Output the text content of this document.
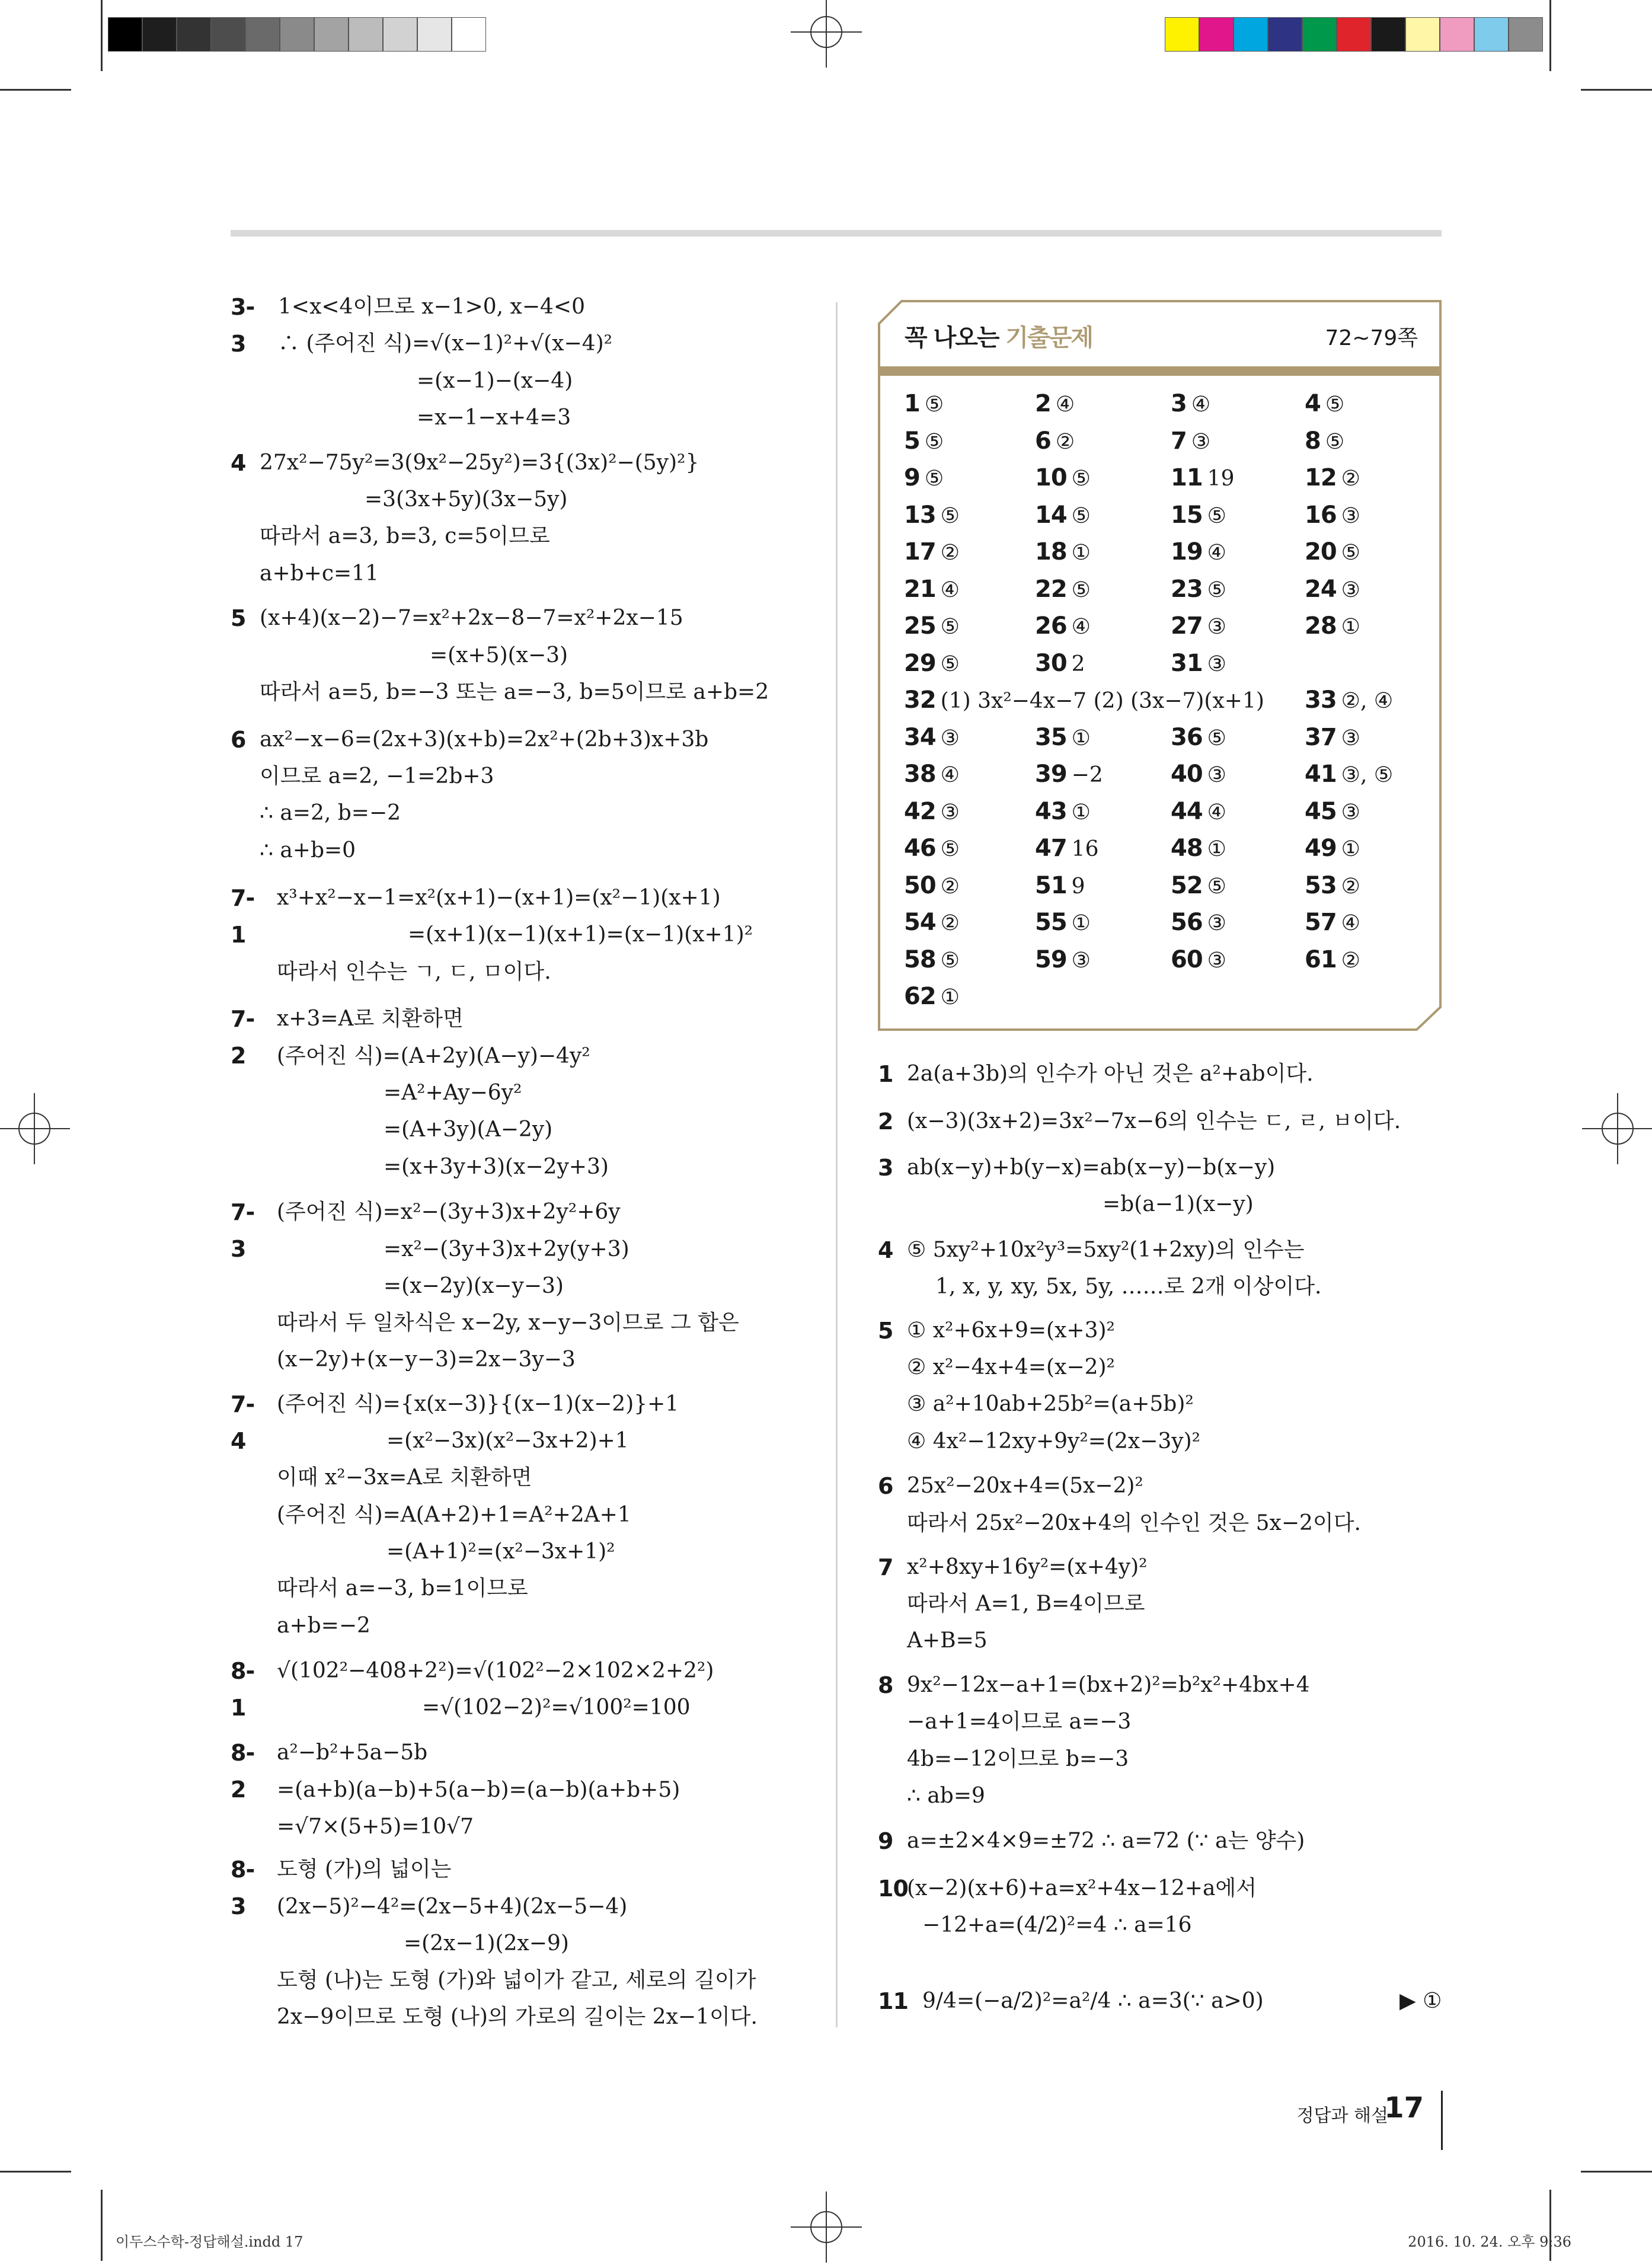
3-3
1<x<4이므로 x−1>0, x−4<0
∴ (주어진 식)=√(x−1)²+√(x−4)²
=(x−1)−(x−4)
=x−1−x+4=3
4 27x²−75y²=3(9x²−25y²)=3{(3x)²−(5y)²}
=3(3x+5y)(3x−5y)
따라서 a=3, b=3, c=5이므로
a+b+c=11
5 (x+4)(x−2)−7=x²+2x−8−7=x²+2x−15
=(x+5)(x−3)
따라서 a=5, b=−3 또는 a=−3, b=5이므로 a+b=2
6 ax²−x−6=(2x+3)(x+b)=2x²+(2b+3)x+3b
이므로 a=2, −1=2b+3
∴ a=2, b=−2
∴ a+b=0
7-1
x³+x²−x−1=x²(x+1)−(x+1)=(x²−1)(x+1)
=(x+1)(x−1)(x+1)=(x−1)(x+1)²
따라서 인수는 ㄱ, ㄷ, ㅁ이다.
7-2
x+3=A로 치환하면
(주어진 식)=(A+2y)(A−y)−4y²
=A²+Ay−6y²
=(A+3y)(A−2y)
=(x+3y+3)(x−2y+3)
7-3
(주어진 식)=x²−(3y+3)x+2y²+6y
=x²−(3y+3)x+2y(y+3)
=(x−2y)(x−y−3)
따라서 두 일차식은 x−2y, x−y−3이므로 그 합은
(x−2y)+(x−y−3)=2x−3y−3
7-4
(주어진 식)={x(x−3)}{(x−1)(x−2)}+1
=(x²−3x)(x²−3x+2)+1
이때 x²−3x=A로 치환하면
(주어진 식)=A(A+2)+1=A²+2A+1
=(A+1)²=(x²−3x+1)²
따라서 a=−3, b=1이므로
a+b=−2
8-1
√(102²−408+2²)=√(102²−2×102×2+2²)
=√(102−2)²=√100²=100
8-2
a²−b²+5a−5b
=(a+b)(a−b)+5(a−b)=(a−b)(a+b+5)
=√7×(5+5)=10√7
8-3
도형 (가)의 넓이는
(2x−5)²−4²=(2x−5+4)(2x−5−4)
=(2x−1)(2x−9)
도형 (나)는 도형 (가)와 넓이가 같고, 세로의 길이가
2x−9이므로 도형 (나)의 가로의 길이는 2x−1이다.
꼭 나오는 기출문제	72∼79쪽
1 ⑤	2 ④	3 ④	4 ⑤
5 ⑤	6 ②	7 ③	8 ⑤
9 ⑤	10 ⑤	11 19	12 ②
13 ⑤	14 ⑤	15 ⑤	16 ③
17 ②	18 ①	19 ④	20 ⑤
21 ④	22 ⑤	23 ⑤	24 ③
25 ⑤	26 ④	27 ③	28 ①
29 ⑤	30 2	31 ③
32 (1) 3x²−4x−7 (2) (3x−7)(x+1) 33 ②, ④
34 ③	35 ①	36 ⑤	37 ③
38 ④	39 −2	40 ③	41 ③, ⑤
42 ③	43 ①	44 ④	45 ③
46 ⑤	47 16	48 ①	49 ①
50 ②	51 9	52 ⑤	53 ②
54 ②	55 ①	56 ③	57 ④
58 ⑤	59 ③	60 ③	61 ②
62 ①
1 2a(a+3b)의 인수가 아닌 것은 a²+ab이다.
2 (x−3)(3x+2)=3x²−7x−6의 인수는 ㄷ, ㄹ, ㅂ이다.
3 ab(x−y)+b(y−x)=ab(x−y)−b(x−y)
=b(a−1)(x−y)
4 ⑤ 5xy²+10x²y³=5xy²(1+2xy)의 인수는
1, x, y, xy, 5x, 5y, ……로 2개 이상이다.
5 ① x²+6x+9=(x+3)²
② x²−4x+4=(x−2)²
③ a²+10ab+25b²=(a+5b)²
④ 4x²−12xy+9y²=(2x−3y)²
6 25x²−20x+4=(5x−2)²
따라서 25x²−20x+4의 인수인 것은 5x−2이다.
7 x²+8xy+16y²=(x+4y)²
따라서 A=1, B=4이므로
A+B=5
8 9x²−12x−a+1=(bx+2)²=b²x²+4bx+4
−a+1=4이므로 a=−3
4b=−12이므로 b=−3
∴ ab=9
9 a=±2×4×9=±72 ∴ a=72 (∵ a는 양수)
10
(x−2)(x+6)+a=x²+4x−12+a에서
−12+a=(4/2)²=4 ∴ a=16
11 9/4=(−a/2)²=a²/4 ∴ a=3(∵ a>0)	▶ ①
정답과 해설
17
이두스수학-정답해설.indd 17	2016. 10. 24. 오후 9:36
